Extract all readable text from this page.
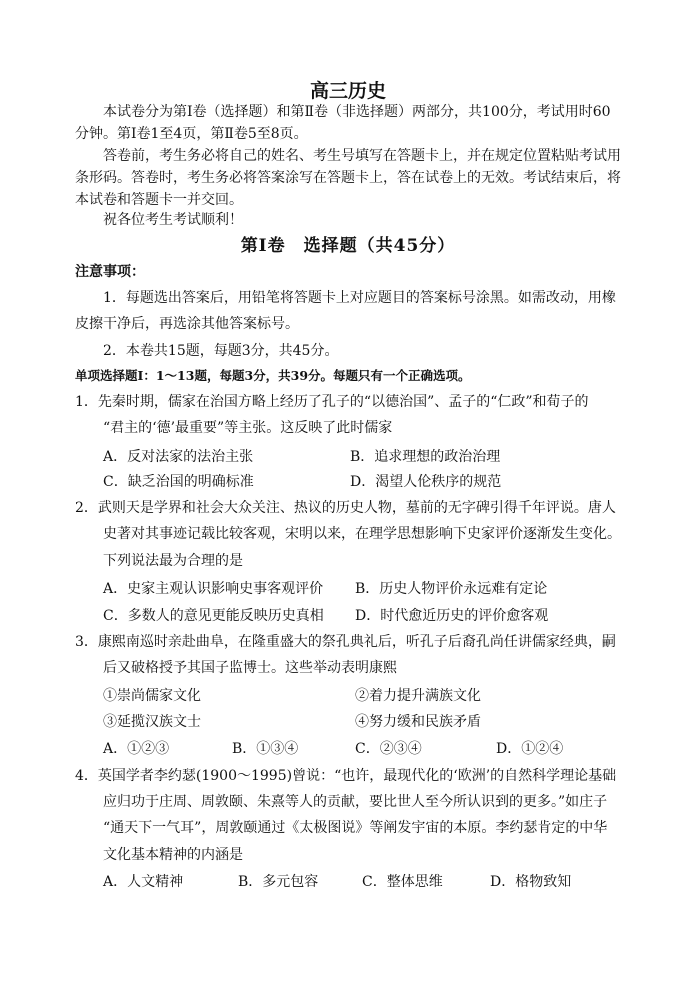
高三历史
本试卷分为第Ⅰ卷（选择题）和第Ⅱ卷（非选择题）两部分，共100分，考试用时60
分钟。第Ⅰ卷1至4页，第Ⅱ卷5至8页。
答卷前，考生务必将自己的姓名、考生号填写在答题卡上，并在规定位置粘贴考试用
条形码。答卷时，考生务必将答案涂写在答题卡上，答在试卷上的无效。考试结束后，将
本试卷和答题卡一并交回。
祝各位考生考试顺利！
第Ⅰ卷　选择题（共45分）
注意事项：
1．每题选出答案后，用铅笔将答题卡上对应题目的答案标号涂黑。如需改动，用橡
皮擦干净后，再选涂其他答案标号。
2．本卷共15题，每题3分，共45分。
单项选择题Ⅰ：1～13题，每题3分，共39分。每题只有一个正确选项。
1．先秦时期，儒家在治国方略上经历了孔子的“以德治国”、孟子的“仁政”和荀子的
“君主的‘德’最重要”等主张。这反映了此时儒家
A．反对法家的法治主张	B．追求理想的政治治理
C．缺乏治国的明确标准	D．渴望人伦秩序的规范
2．武则天是学界和社会大众关注、热议的历史人物，墓前的无字碑引得千年评说。唐人
史著对其事迹记载比较客观，宋明以来，在理学思想影响下史家评价逐渐发生变化。
下列说法最为合理的是
A．史家主观认识影响史事客观评价 B．历史人物评价永远难有定论
C．多数人的意见更能反映历史真相 D．时代愈近历史的评价愈客观
3．康熙南巡时亲赴曲阜，在隆重盛大的祭孔典礼后，听孔子后裔孔尚任讲儒家经典，嗣
后又破格授予其国子监博士。这些举动表明康熙
①崇尚儒家文化	②着力提升满族文化
③延揽汉族文士	④努力缓和民族矛盾
A．①②③	B．①③④	C．②③④	D．①②④
4．英国学者李约瑟(1900～1995)曾说：“也许，最现代化的‘欧洲’的自然科学理论基础
应归功于庄周、周敦颐、朱熹等人的贡献，要比世人至今所认识到的更多。”如庄子
“通天下一气耳”，周敦颐通过《太极图说》等阐发宇宙的本原。李约瑟肯定的中华
文化基本精神的内涵是
A．人文精神	B．多元包容	C．整体思维	D．格物致知
